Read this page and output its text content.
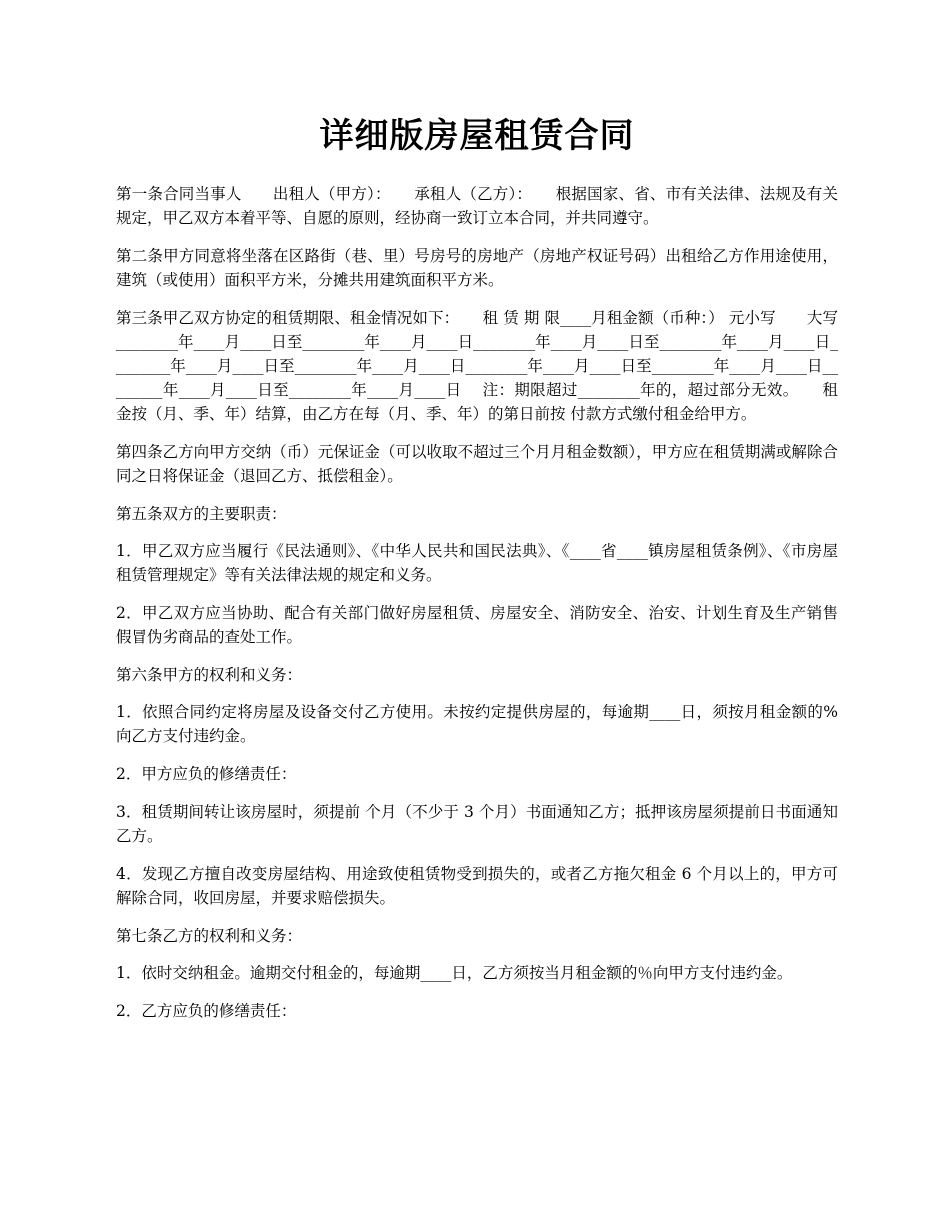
详细版房屋租赁合同

第一条合同当事人　　出租人（甲方）：　　承租人（乙方）：　　根据国家、省、市有关法律、法规及有关规定，甲乙双方本着平等、自愿的原则，经协商一致订立本合同，并共同遵守。

第二条甲方同意将坐落在区路街（巷、里）号房号的房地产（房地产权证号码）出租给乙方作用途使用，建筑（或使用）面积平方米，分摊共用建筑面积平方米。

第三条甲乙双方协定的租赁期限、租金情况如下：　　租 赁 期 限____月租金额（币种：） 元小写　　大写________年____月____日至________年____月____日________年____月____日至________年____月____日________年____月____日至________年____月____日________年____月____日至________年____月____日________年____月____日至________年____月____日　 注：期限超过________年的，超过部分无效。　　租金按（月、季、年）结算，由乙方在每（月、季、年）的第日前按 付款方式缴付租金给甲方。

第四条乙方向甲方交纳（币）元保证金（可以收取不超过三个月月租金数额），甲方应在租赁期满或解除合同之日将保证金（退回乙方、抵偿租金）。

第五条双方的主要职责：

1．甲乙双方应当履行《民法通则》、《中华人民共和国民法典》、《____省____镇房屋租赁条例》、《市房屋租赁管理规定》等有关法律法规的规定和义务。

2．甲乙双方应当协助、配合有关部门做好房屋租赁、房屋安全、消防安全、治安、计划生育及生产销售假冒伪劣商品的查处工作。

第六条甲方的权利和义务：

1．依照合同约定将房屋及设备交付乙方使用。未按约定提供房屋的，每逾期____日，须按月租金额的%向乙方支付违约金。

2．甲方应负的修缮责任：

3．租赁期间转让该房屋时，须提前 个月（不少于 3 个月）书面通知乙方；抵押该房屋须提前日书面通知乙方。

4．发现乙方擅自改变房屋结构、用途致使租赁物受到损失的，或者乙方拖欠租金 6 个月以上的，甲方可解除合同，收回房屋，并要求赔偿损失。

第七条乙方的权利和义务：

1．依时交纳租金。逾期交付租金的，每逾期____日，乙方须按当月租金额的％向甲方支付违约金。

2．乙方应负的修缮责任：
